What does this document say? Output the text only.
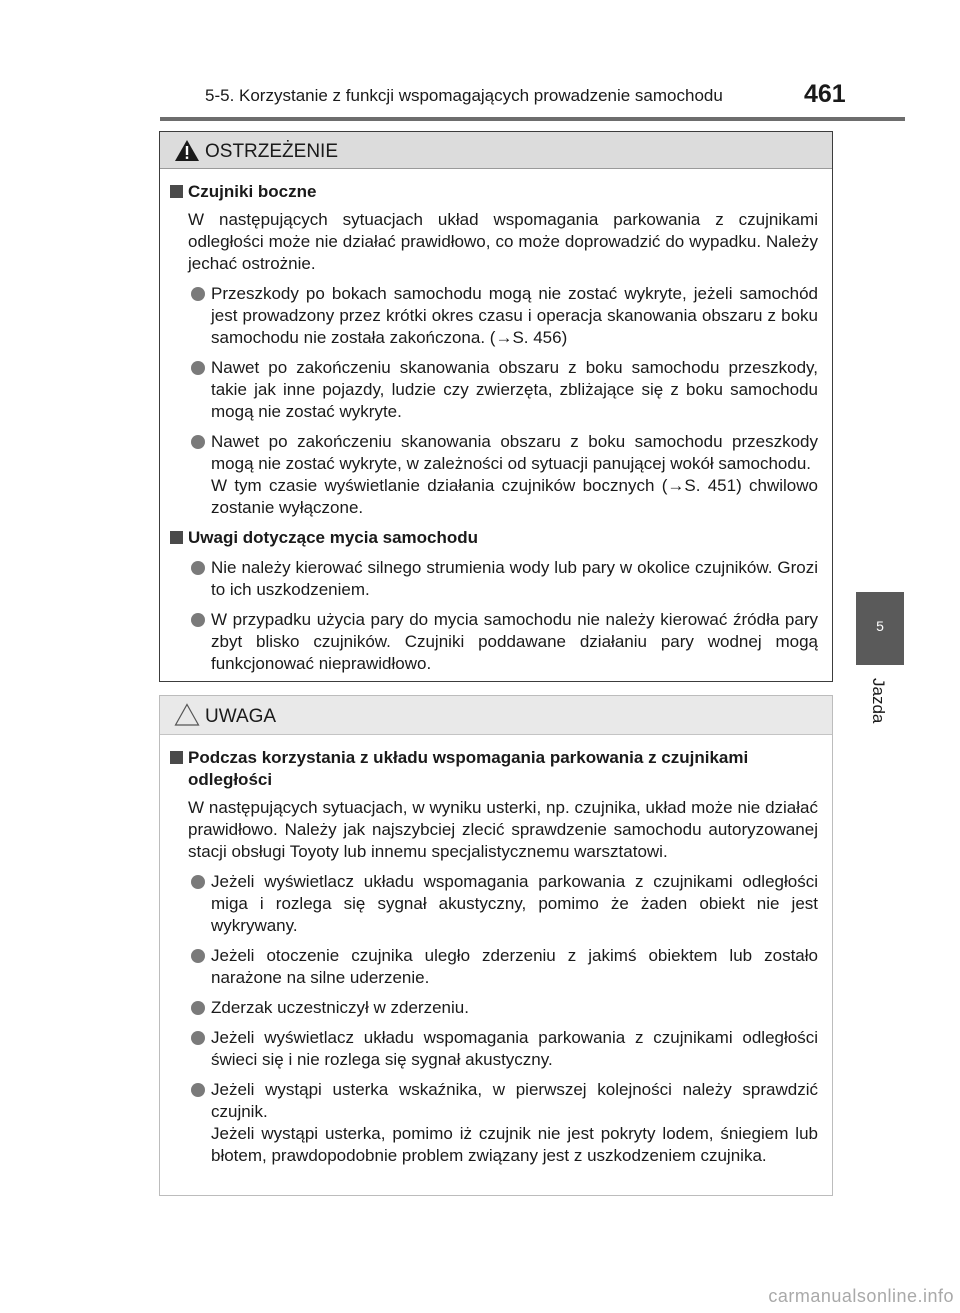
5-5. Korzystanie z funkcji wspomagających prowadzenie samochodu	461
5
Jazda
OSTRZEŻENIE
Czujniki boczne
W następujących sytuacjach układ wspomagania parkowania z czujnikami odległości może nie działać prawidłowo, co może doprowadzić do wypadku. Należy jechać ostrożnie.
Przeszkody po bokach samochodu mogą nie zostać wykryte, jeżeli samochód jest prowadzony przez krótki okres czasu i operacja skanowania obszaru z boku samochodu nie została zakończona. (→S. 456)
Nawet po zakończeniu skanowania obszaru z boku samochodu przeszkody, takie jak inne pojazdy, ludzie czy zwierzęta, zbliżające się z boku samochodu mogą nie zostać wykryte.
Nawet po zakończeniu skanowania obszaru z boku samochodu przeszkody mogą nie zostać wykryte, w zależności od sytuacji panującej wokół samochodu.
W tym czasie wyświetlanie działania czujników bocznych (→S. 451) chwilowo zostanie wyłączone.
Uwagi dotyczące mycia samochodu
Nie należy kierować silnego strumienia wody lub pary w okolice czujników. Grozi to ich uszkodzeniem.
W przypadku użycia pary do mycia samochodu nie należy kierować źródła pary zbyt blisko czujników. Czujniki poddawane działaniu pary wodnej mogą funkcjonować nieprawidłowo.
UWAGA
Podczas korzystania z układu wspomagania parkowania z czujnikami odległości
W następujących sytuacjach, w wyniku usterki, np. czujnika, układ może nie działać prawidłowo. Należy jak najszybciej zlecić sprawdzenie samochodu autoryzowanej stacji obsługi Toyoty lub innemu specjalistycznemu warsztatowi.
Jeżeli wyświetlacz układu wspomagania parkowania z czujnikami odległości miga i rozlega się sygnał akustyczny, pomimo że żaden obiekt nie jest wykrywany.
Jeżeli otoczenie czujnika uległo zderzeniu z jakimś obiektem lub zostało narażone na silne uderzenie.
Zderzak uczestniczył w zderzeniu.
Jeżeli wyświetlacz układu wspomagania parkowania z czujnikami odległości świeci się i nie rozlega się sygnał akustyczny.
Jeżeli wystąpi usterka wskaźnika, w pierwszej kolejności należy sprawdzić czujnik.
Jeżeli wystąpi usterka, pomimo iż czujnik nie jest pokryty lodem, śniegiem lub błotem, prawdopodobnie problem związany jest z uszkodzeniem czujnika.
carmanualsonline.info
